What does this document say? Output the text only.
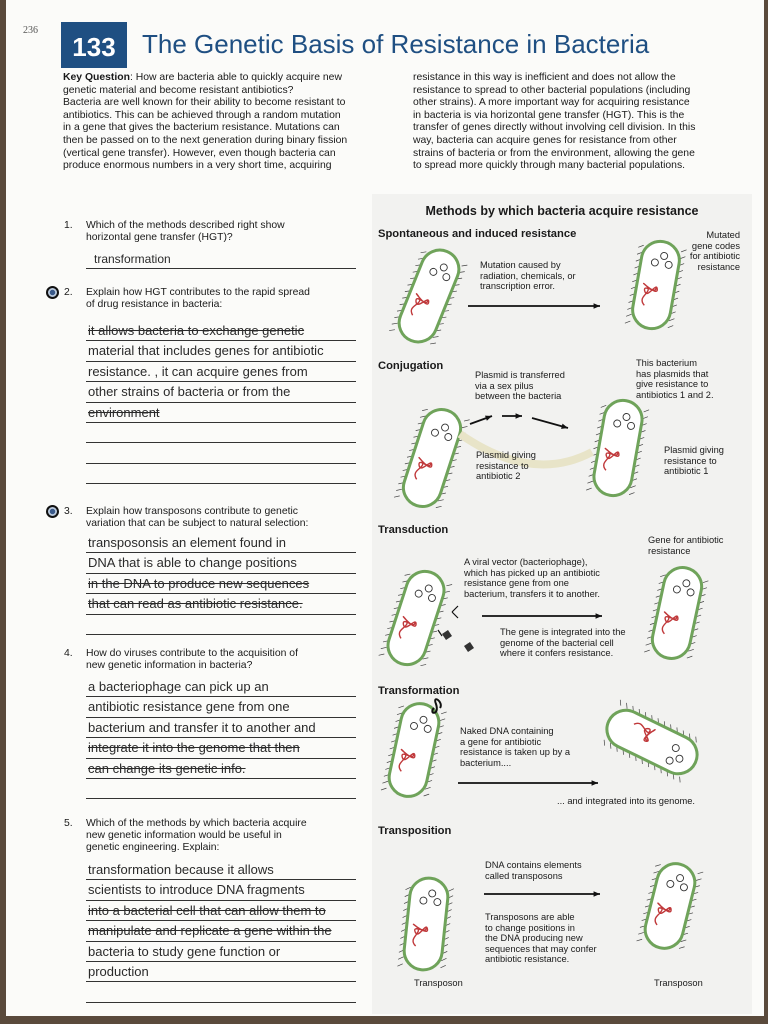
236
133	The Genetic Basis of Resistance in Bacteria
Key Question: How are bacteria able to quickly acquire new
genetic material and become resistant antibiotics?
Bacteria are well known for their ability to become resistant to
antibiotics. This can be achieved through a random mutation
in a gene that gives the bacterium resistance. Mutations can
then be passed on to the next generation during binary fission
(vertical gene transfer). However, even though bacteria can
produce enormous numbers in a very short time, acquiring
resistance in this way is inefficient and does not allow the
resistance to spread to other bacterial populations (including
other strains). A more important way for acquiring resistance
in bacteria is via horizontal gene transfer (HGT). This is the
transfer of genes directly without involving cell division. In this
way, bacteria can acquire genes for resistance from other
strains of bacteria or from the environment, allowing the gene
to spread more quickly through many bacterial populations.
1. Which of the methods described right show
horizontal gene transfer (HGT)?
transformation
2. Explain how HGT contributes to the rapid spread
of drug resistance in bacteria:
it allows bacteria to exchange genetic
material that includes genes for antibiotic
resistance. , it can acquire genes from
other strains of bacteria or from the
environment
3. Explain how transposons contribute to genetic
variation that can be subject to natural selection:
transposonsis an element found in
DNA that is able to change positions
in the DNA to produce new sequences
that can read as antibiotic resistance.
4. How do viruses contribute to the acquisition of
new genetic information in bacteria?
a bacteriophage can pick up an
antibiotic resistance gene from one
bacterium and transfer it to another and
integrate it into the genome that then
can change its genetic info.
5. Which of the methods by which bacteria acquire
new genetic information would be useful in
genetic engineering. Explain:
transformation because it allows
scientists to introduce DNA fragments
into a bacterial cell that can allow them to
manipulate and replicate a gene within the
bacteria to study gene function or
production
Methods by which bacteria acquire resistance
Spontaneous and induced resistance
Conjugation
Transduction
Transformation
Transposition
Mutation caused by
radiation, chemicals, or
transcription error.
Mutated
gene codes
for antibiotic
resistance
Plasmid is transferred
via a sex pilus
between the bacteria
This bacterium
has plasmids that
give resistance to
antibiotics 1 and 2.
Plasmid giving
resistance to
antibiotic 2
Plasmid giving
resistance to
antibiotic 1
Gene for antibiotic
resistance
A viral vector (bacteriophage),
which has picked up an antibiotic
resistance gene from one
bacterium, transfers it to another.
The gene is integrated into the
genome of the bacterial cell
where it confers resistance.
Naked DNA containing
a gene for antibiotic
resistance is taken up by a
bacterium....
... and integrated into its genome.
DNA contains elements
called transposons
Transposons are able
to change positions in
the DNA producing new
sequences that may confer
antibiotic resistance.
Transposon	Transposon
